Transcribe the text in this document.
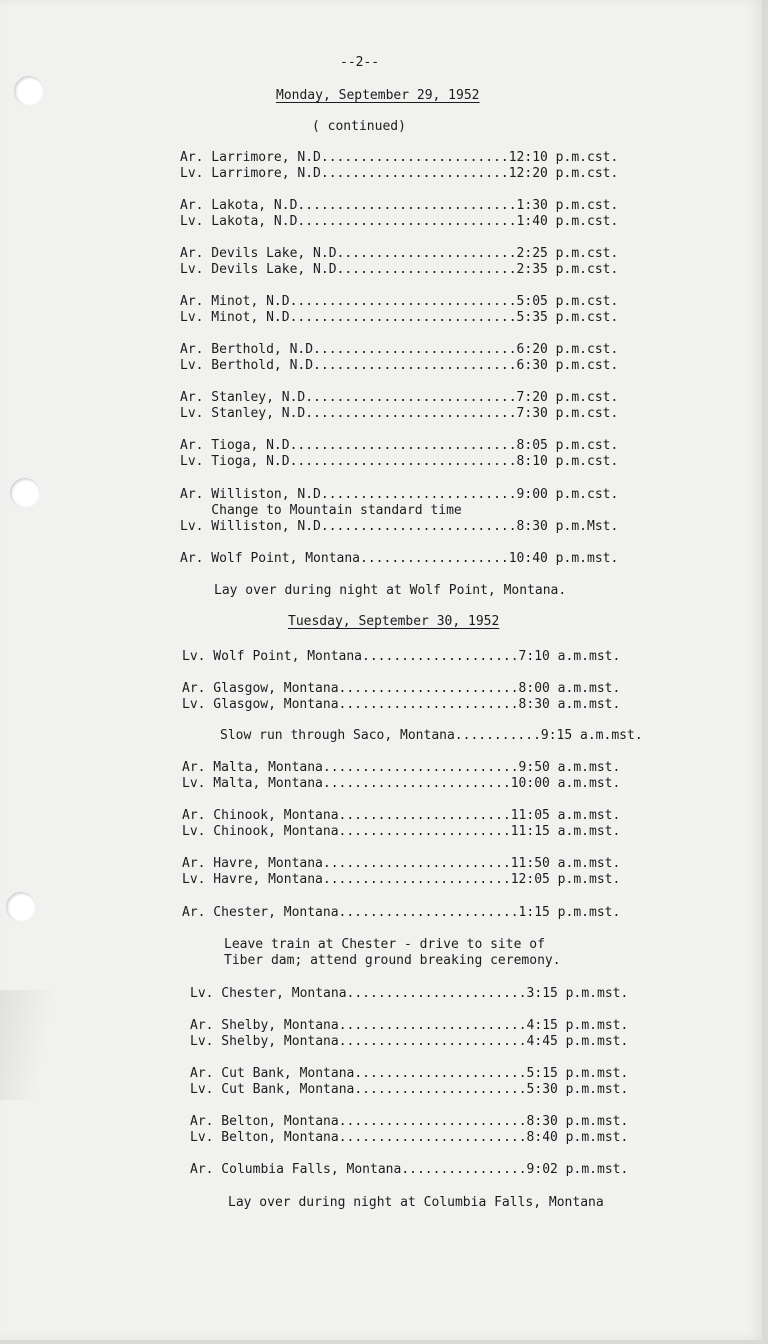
--2--
Monday, September 29, 1952
( continued)
Ar. Larrimore, N.D........................12:10 p.m.cst.
Lv. Larrimore, N.D........................12:20 p.m.cst.
Ar. Lakota, N.D............................1:30 p.m.cst.
Lv. Lakota, N.D............................1:40 p.m.cst.
Ar. Devils Lake, N.D.......................2:25 p.m.cst.
Lv. Devils Lake, N.D.......................2:35 p.m.cst.
Ar. Minot, N.D.............................5:05 p.m.cst.
Lv. Minot, N.D.............................5:35 p.m.cst.
Ar. Berthold, N.D..........................6:20 p.m.cst.
Lv. Berthold, N.D..........................6:30 p.m.cst.
Ar. Stanley, N.D...........................7:20 p.m.cst.
Lv. Stanley, N.D...........................7:30 p.m.cst.
Ar. Tioga, N.D.............................8:05 p.m.cst.
Lv. Tioga, N.D.............................8:10 p.m.cst.
Ar. Williston, N.D.........................9:00 p.m.cst.
Change to Mountain standard time
Lv. Williston, N.D.........................8:30 p.m.Mst.
Ar. Wolf Point, Montana...................10:40 p.m.mst.
Lay over during night at Wolf Point, Montana.
Tuesday, September 30, 1952
Lv. Wolf Point, Montana....................7:10 a.m.mst.
Ar. Glasgow, Montana.......................8:00 a.m.mst.
Lv. Glasgow, Montana.......................8:30 a.m.mst.
Slow run through Saco, Montana...........9:15 a.m.mst.
Ar. Malta, Montana.........................9:50 a.m.mst.
Lv. Malta, Montana........................10:00 a.m.mst.
Ar. Chinook, Montana......................11:05 a.m.mst.
Lv. Chinook, Montana......................11:15 a.m.mst.
Ar. Havre, Montana........................11:50 a.m.mst.
Lv. Havre, Montana........................12:05 p.m.mst.
Ar. Chester, Montana.......................1:15 p.m.mst.
Leave train at Chester - drive to site of
Tiber dam; attend ground breaking ceremony.
Lv. Chester, Montana.......................3:15 p.m.mst.
Ar. Shelby, Montana........................4:15 p.m.mst.
Lv. Shelby, Montana........................4:45 p.m.mst.
Ar. Cut Bank, Montana......................5:15 p.m.mst.
Lv. Cut Bank, Montana......................5:30 p.m.mst.
Ar. Belton, Montana........................8:30 p.m.mst.
Lv. Belton, Montana........................8:40 p.m.mst.
Ar. Columbia Falls, Montana................9:02 p.m.mst.
Lay over during night at Columbia Falls, Montana
